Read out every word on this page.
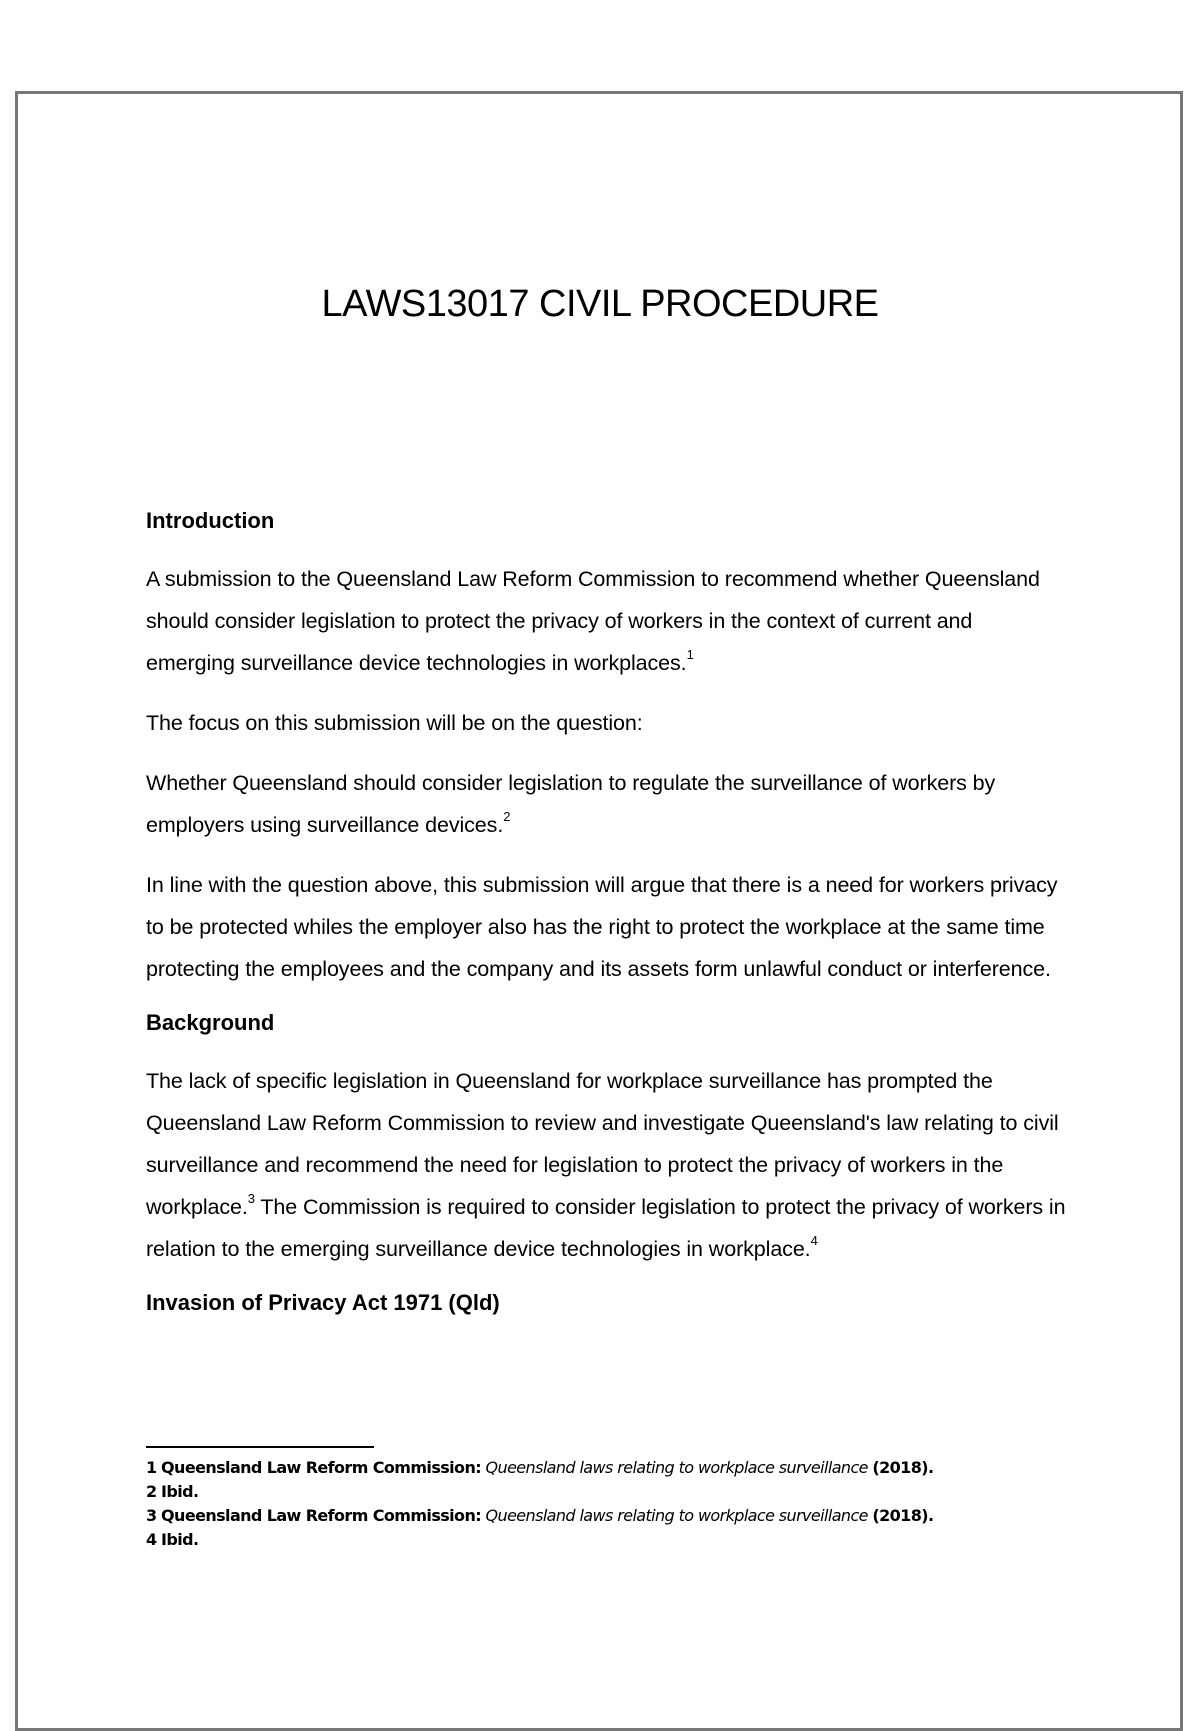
LAWS13017 CIVIL PROCEDURE
Introduction

A submission to the Queensland Law Reform Commission to recommend whether Queensland should consider legislation to protect the privacy of workers in the context of current and emerging surveillance device technologies in workplaces.$^1$

The focus on this submission will be on the question:

Whether Queensland should consider legislation to regulate the surveillance of workers by employers using surveillance devices.$^2$

In line with the question above, this submission will argue that there is a need for workers privacy to be protected whiles the employer also has the right to protect the workplace at the same time protecting the employees and the company and its assets form unlawful conduct or interference.

Background

The lack of specific legislation in Queensland for workplace surveillance has prompted the Queensland Law Reform Commission to review and investigate Queensland's law relating to civil surveillance and recommend the need for legislation to protect the privacy of workers in the workplace.$^3$ The Commission is required to consider legislation to protect the privacy of workers in relation to the emerging surveillance device technologies in workplace.$^4$

Invasion of Privacy Act 1971 (Qld)

1 Queensland Law Reform Commission: Queensland laws relating to workplace surveillance (2018).

2 Ibid.

3 Queensland Law Reform Commission: Queensland laws relating to workplace surveillance (2018).

4 Ibid.
